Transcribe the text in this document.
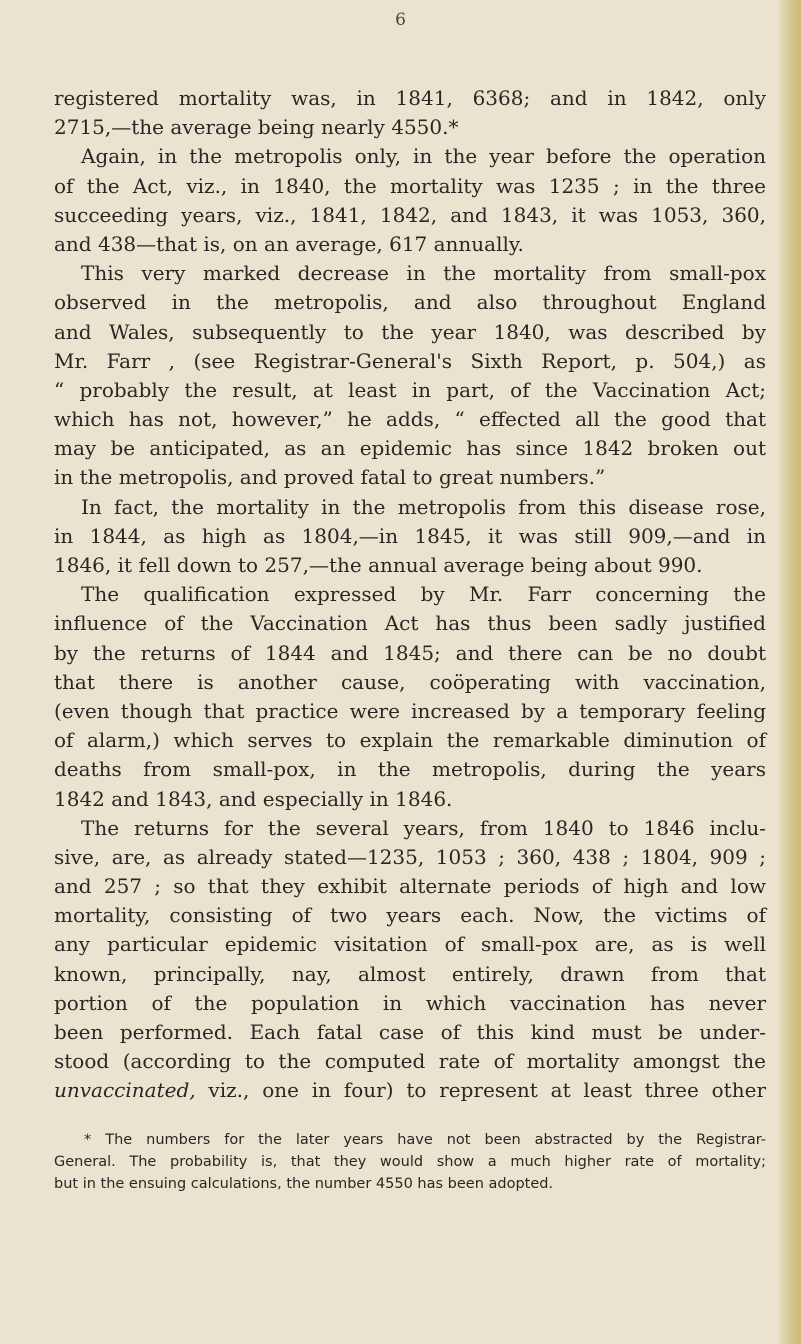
6
registered mortality was, in 1841, 6368; and in 1842, only
2715,—the average being nearly 4550.*
Again, in the metropolis only, in the year before the operation
of the Act, viz., in 1840, the mortality was 1235 ; in the three
succeeding years, viz., 1841, 1842, and 1843, it was 1053, 360,
and 438—that is, on an average, 617 annually.
This very marked decrease in the mortality from small-pox
observed in the metropolis, and also throughout England
and Wales, subsequently to the year 1840, was described by
Mr. Farr , (see Registrar-General's Sixth Report, p. 504,) as
“ probably the result, at least in part, of the Vaccination Act;
which has not, however,” he adds, “ effected all the good that
may be anticipated, as an epidemic has since 1842 broken out
in the metropolis, and proved fatal to great numbers.”
In fact, the mortality in the metropolis from this disease rose,
in 1844, as high as 1804,—in 1845, it was still 909,—and in
1846, it fell down to 257,—the annual average being about 990.
The qualification expressed by Mr. Farr concerning the
influence of the Vaccination Act has thus been sadly justified
by the returns of 1844 and 1845; and there can be no doubt
that there is another cause, coöperating with vaccination,
(even though that practice were increased by a temporary feeling
of alarm,) which serves to explain the remarkable diminution of
deaths from small-pox, in the metropolis, during the years
1842 and 1843, and especially in 1846.
The returns for the several years, from 1840 to 1846 inclu-
sive, are, as already stated—1235, 1053 ; 360, 438 ; 1804, 909 ;
and 257 ; so that they exhibit alternate periods of high and low
mortality, consisting of two years each. Now, the victims of
any particular epidemic visitation of small-pox are, as is well
known, principally, nay, almost entirely, drawn from that
portion of the population in which vaccination has never
been performed. Each fatal case of this kind must be under-
stood (according to the computed rate of mortality amongst the
unvaccinated, viz., one in four) to represent at least three other
* The numbers for the later years have not been abstracted by the Registrar-
General. The probability is, that they would show a much higher rate of mortality;
but in the ensuing calculations, the number 4550 has been adopted.
